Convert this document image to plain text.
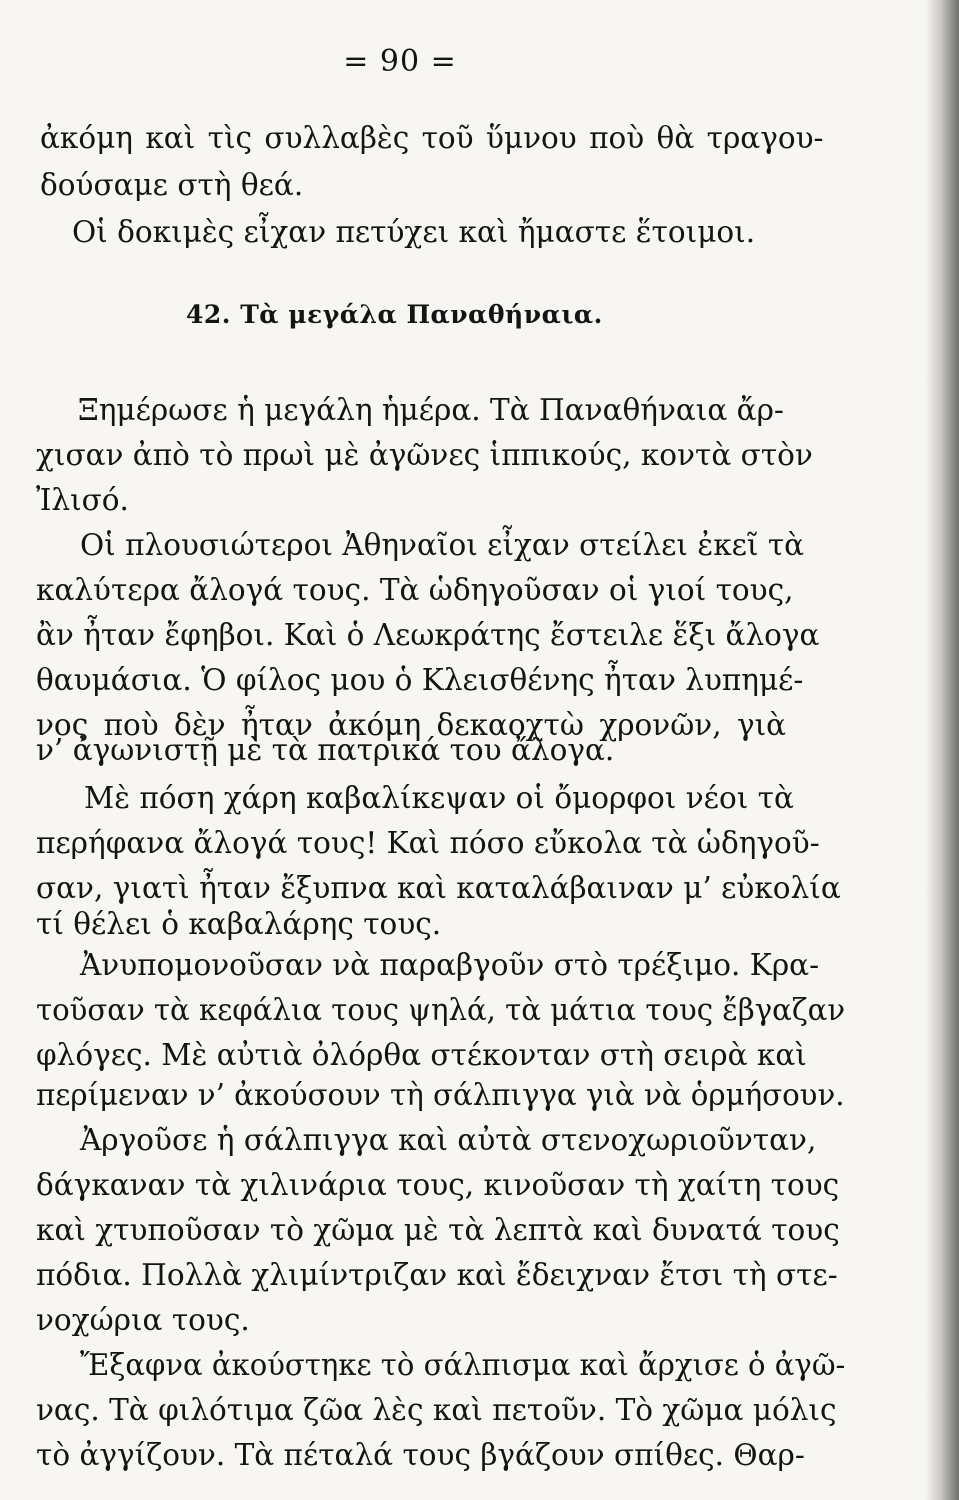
= 90 =
ἀκόμη καὶ τὶς συλλαβὲς τοῦ ὕμνου ποὺ θὰ τραγου-
δούσαμε στὴ θεά.
Οἱ δοκιμὲς εἶχαν πετύχει καὶ ἤμαστε ἕτοιμοι.
42. Τὰ μεγάλα Παναθήναια.
Ξημέρωσε ἡ μεγάλη ἡμέρα. Τὰ Παναθήναια ἄρ-
χισαν ἀπὸ τὸ πρωὶ μὲ ἀγῶνες ἱππικούς, κοντὰ στὸν
Ἰλισό.
Οἱ πλουσιώτεροι Ἀθηναῖοι εἶχαν στείλει ἐκεῖ τὰ
καλύτερα ἄλογά τους. Τὰ ὡδηγοῦσαν οἱ γιοί τους,
ἂν ἦταν ἔφηβοι. Καὶ ὁ Λεωκράτης ἔστειλε ἕξι ἄλογα
θαυμάσια. Ὁ φίλος μου ὁ Κλεισθένης ἦταν λυπημέ-
νος ποὺ δὲν ἦταν ἀκόμη δεκαοχτὼ χρονῶν, γιὰ
ν’ ἀγωνιστῇ μὲ τὰ πατρικά του ἄλογα.
Μὲ πόση χάρη καβαλίκεψαν οἱ ὄμορφοι νέοι τὰ
περήφανα ἄλογά τους! Καὶ πόσο εὔκολα τὰ ὡδηγοῦ-
σαν, γιατὶ ἦταν ἔξυπνα καὶ καταλάβαιναν μ’ εὐκολία
τί θέλει ὁ καβαλάρης τους.
Ἀνυπομονοῦσαν νὰ παραβγοῦν στὸ τρέξιμο. Κρα-
τοῦσαν τὰ κεφάλια τους ψηλά, τὰ μάτια τους ἔβγαζαν
φλόγες. Μὲ αὐτιὰ ὀλόρθα στέκονταν στὴ σειρὰ καὶ
περίμεναν ν’ ἀκούσουν τὴ σάλπιγγα γιὰ νὰ ὁρμήσουν.
Ἀργοῦσε ἡ σάλπιγγα καὶ αὐτὰ στενοχωριοῦνταν,
δάγκαναν τὰ χιλινάρια τους, κινοῦσαν τὴ χαίτη τους
καὶ χτυποῦσαν τὸ χῶμα μὲ τὰ λεπτὰ καὶ δυνατά τους
πόδια. Πολλὰ χλιμίντριζαν καὶ ἔδειχναν ἔτσι τὴ στε-
νοχώρια τους.
Ἔξαφνα ἀκούστηκε τὸ σάλπισμα καὶ ἄρχισε ὁ ἀγῶ-
νας. Τὰ φιλότιμα ζῶα λὲς καὶ πετοῦν. Τὸ χῶμα μόλις
τὸ ἀγγίζουν. Τὰ πέταλά τους βγάζουν σπίθες. Θαρ-
